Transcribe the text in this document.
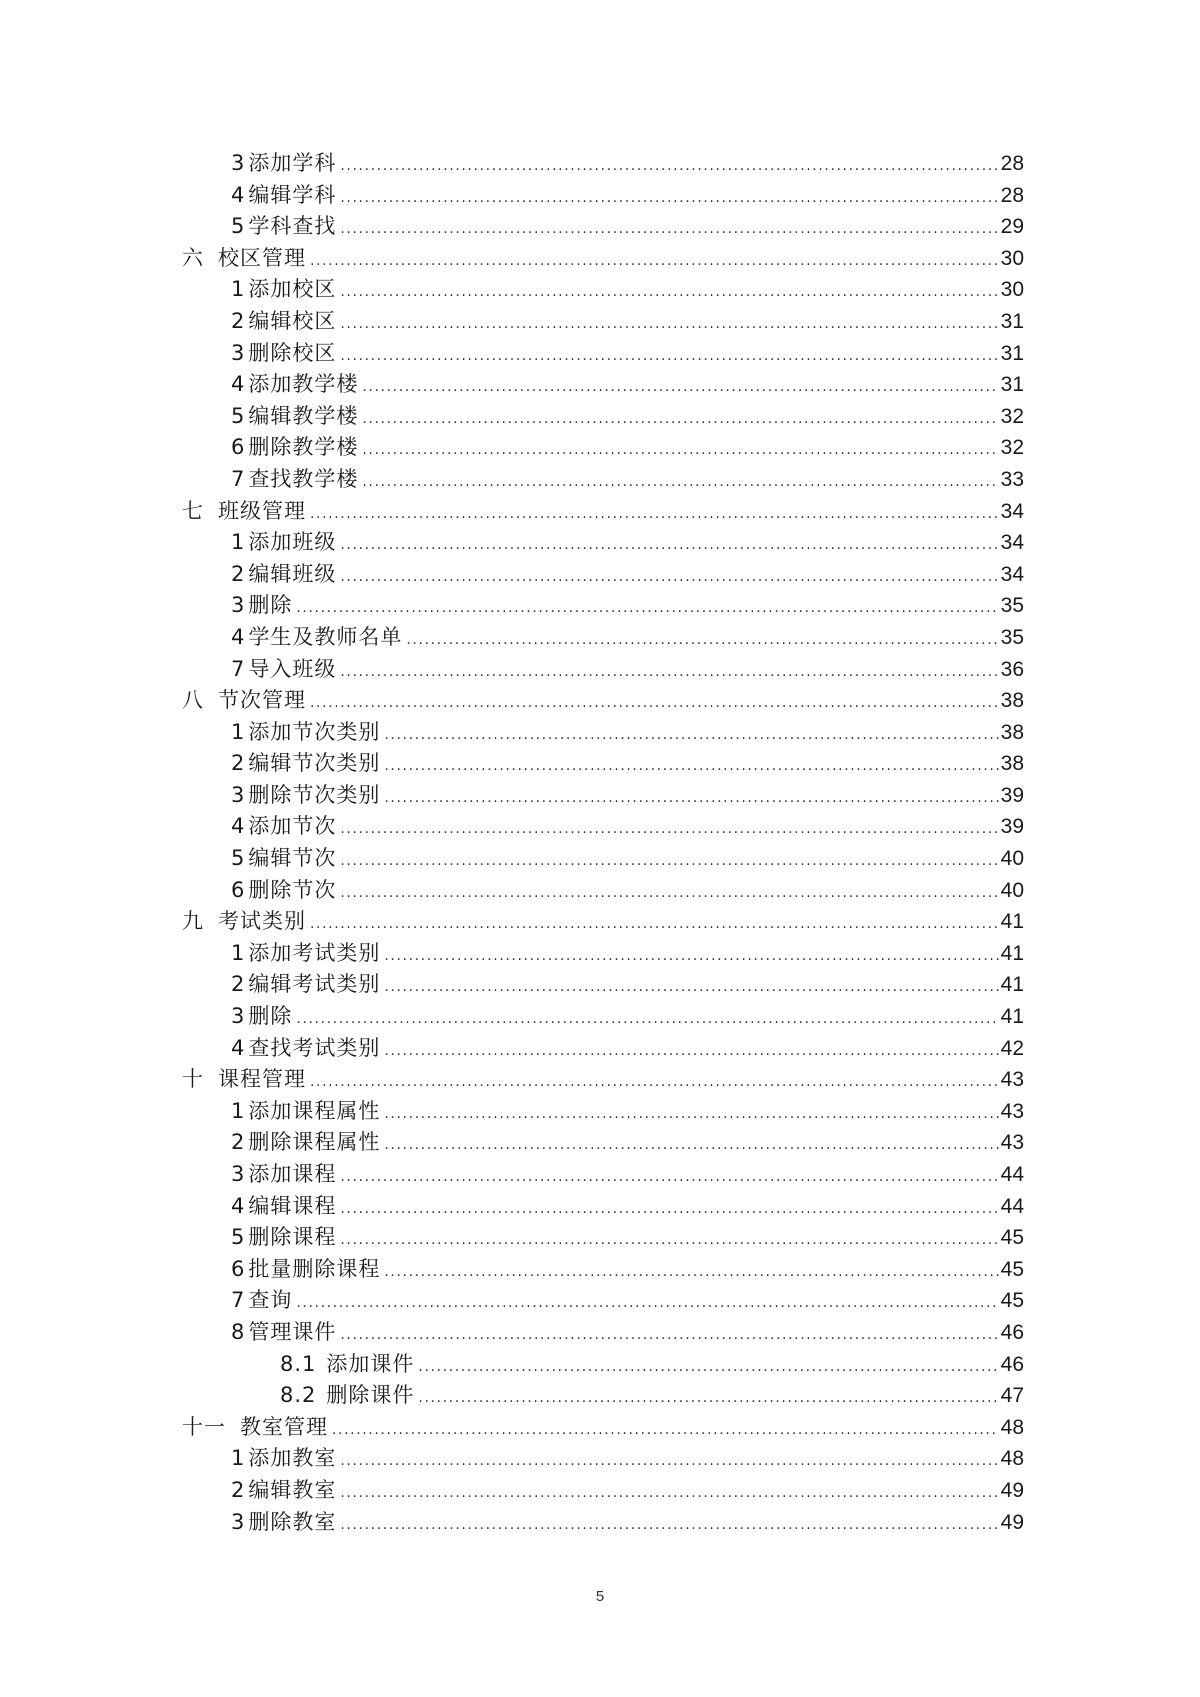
3 添加学科 .....	28
4 编辑学科 .....	28
5 学科查找 .....	29
六 校区管理 .....	30
1 添加校区 .....	30
2 编辑校区 .....	31
3 删除校区 .....	31
4 添加教学楼 .....	31
5 编辑教学楼 .....	32
6 删除教学楼 .....	32
7 查找教学楼 .....	33
七 班级管理 .....	34
1 添加班级 .....	34
2 编辑班级 .....	34
3 删除 .....	35
4 学生及教师名单 .....	35
7 导入班级 .....	36
八 节次管理 .....	38
1 添加节次类别 .....	38
2 编辑节次类别 .....	38
3 删除节次类别 .....	39
4 添加节次 .....	39
5 编辑节次 .....	40
6 删除节次 .....	40
九 考试类别 .....	41
1 添加考试类别 .....	41
2 编辑考试类别 .....	41
3 删除 .....	41
4 查找考试类别 .....	42
十 课程管理 .....	43
1 添加课程属性 .....	43
2 删除课程属性 .....	43
3 添加课程 .....	44
4 编辑课程 .....	44
5 删除课程 .....	45
6 批量删除课程 .....	45
7 查询 .....	45
8 管理课件 .....	46
8.1 添加课件 .....	46
8.2 删除课件 .....	47
十一 教室管理 .....	48
1 添加教室 .....	48
2 编辑教室 .....	49
3 删除教室 .....	49
5
